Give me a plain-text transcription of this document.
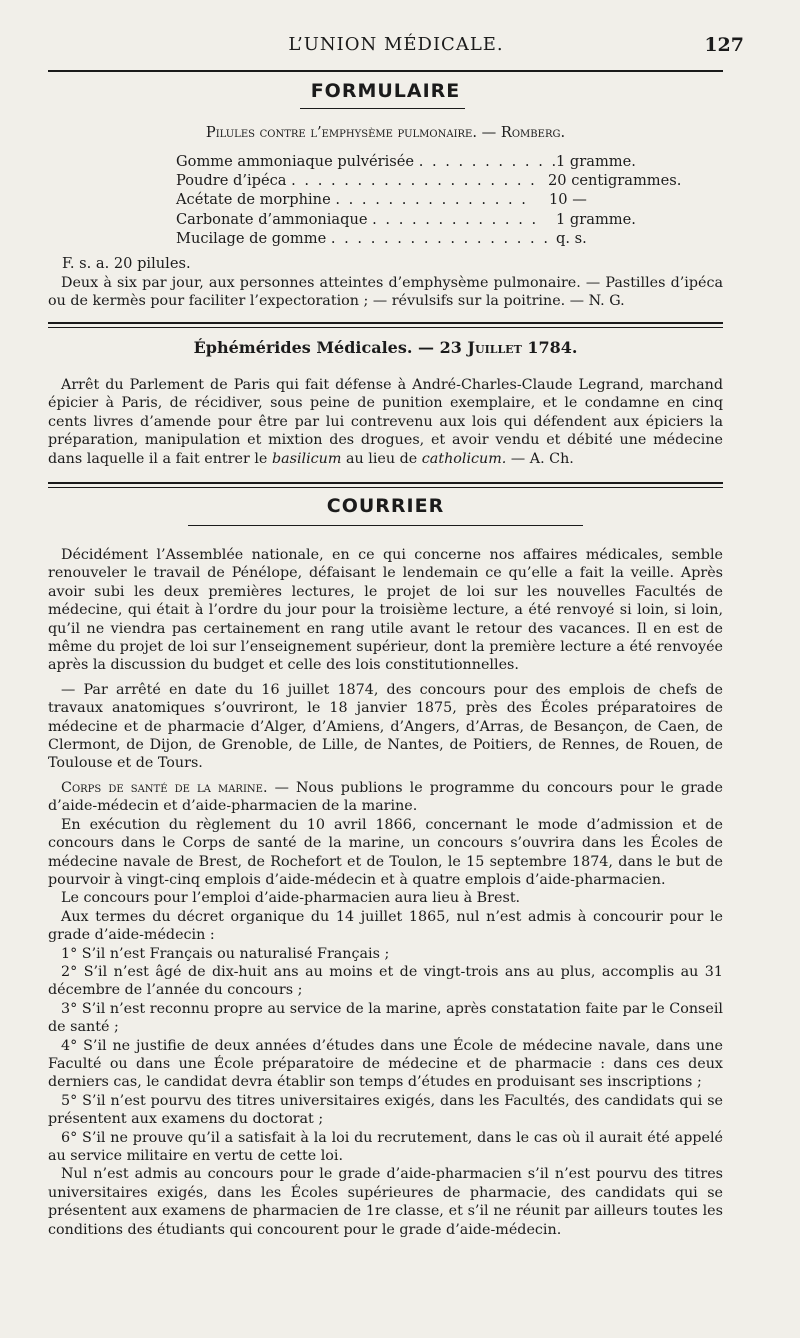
L’UNION MÉDICALE.	127
FORMULAIRE
Pilules contre l’emphysème pulmonaire. — Romberg.
Gomme ammoniaque pulvérisée . . . . . . . . . . .
1 gramme.
Poudre d’ipéca . . . . . . . . . . . . . . . . . . . 20 centigrammes.
Acétate de morphine . . . . . . . . . . . . . . . 10 —
Carbonate d’ammoniaque . . . . . . . . . . . . . 1 gramme.
Mucilage de gomme . . . . . . . . . . . . . . . . . q. s.
F. s. a. 20 pilules.

Deux à six par jour, aux personnes atteintes d’emphysème pulmonaire. — Pastilles d’ipéca ou de kermès pour faciliter l’expectoration ; — révulsifs sur la poitrine. — N. G.

Éphémérides Médicales. — 23 Juillet 1784.

Arrêt du Parlement de Paris qui fait défense à André-Charles-Claude Legrand, marchand épicier à Paris, de récidiver, sous peine de punition exemplaire, et le condamne en cinq cents livres d’amende pour être par lui contrevenu aux lois qui défendent aux épiciers la préparation, manipulation et mixtion des drogues, et avoir vendu et débité une médecine dans laquelle il a fait entrer le basilicum au lieu de catholicum. — A. Ch.

COURRIER

Décidément l’Assemblée nationale, en ce qui concerne nos affaires médicales, semble renouveler le travail de Pénélope, défaisant le lendemain ce qu’elle a fait la veille. Après avoir subi les deux premières lectures, le projet de loi sur les nouvelles Facultés de médecine, qui était à l’ordre du jour pour la troisième lecture, a été renvoyé si loin, si loin, qu’il ne viendra pas certainement en rang utile avant le retour des vacances. Il en est de même du projet de loi sur l’enseignement supérieur, dont la première lecture a été renvoyée après la discussion du budget et celle des lois constitutionnelles.

— Par arrêté en date du 16 juillet 1874, des concours pour des emplois de chefs de travaux anatomiques s’ouvriront, le 18 janvier 1875, près des Écoles préparatoires de médecine et de pharmacie d’Alger, d’Amiens, d’Angers, d’Arras, de Besançon, de Caen, de Clermont, de Dijon, de Grenoble, de Lille, de Nantes, de Poitiers, de Rennes, de Rouen, de Toulouse et de Tours.

Corps de santé de la marine. — Nous publions le programme du concours pour le grade d’aide-médecin et d’aide-pharmacien de la marine.

En exécution du règlement du 10 avril 1866, concernant le mode d’admission et de concours dans le Corps de santé de la marine, un concours s’ouvrira dans les Écoles de médecine navale de Brest, de Rochefort et de Toulon, le 15 septembre 1874, dans le but de pourvoir à vingt-cinq emplois d’aide-médecin et à quatre emplois d’aide-pharmacien.

Le concours pour l’emploi d’aide-pharmacien aura lieu à Brest.

Aux termes du décret organique du 14 juillet 1865, nul n’est admis à concourir pour le grade d’aide-médecin :

1° S’il n’est Français ou naturalisé Français ;

2° S’il n’est âgé de dix-huit ans au moins et de vingt-trois ans au plus, accomplis au 31 décembre de l’année du concours ;

3° S’il n’est reconnu propre au service de la marine, après constatation faite par le Conseil de santé ;

4° S’il ne justifie de deux années d’études dans une École de médecine navale, dans une Faculté ou dans une École préparatoire de médecine et de pharmacie : dans ces deux derniers cas, le candidat devra établir son temps d’études en produisant ses inscriptions ;

5° S’il n’est pourvu des titres universitaires exigés, dans les Facultés, des candidats qui se présentent aux examens du doctorat ;

6° S’il ne prouve qu’il a satisfait à la loi du recrutement, dans le cas où il aurait été appelé au service militaire en vertu de cette loi.

Nul n’est admis au concours pour le grade d’aide-pharmacien s’il n’est pourvu des titres universitaires exigés, dans les Écoles supérieures de pharmacie, des candidats qui se présentent aux examens de pharmacien de 1re classe, et s’il ne réunit par ailleurs toutes les conditions des étudiants qui concourent pour le grade d’aide-médecin.
